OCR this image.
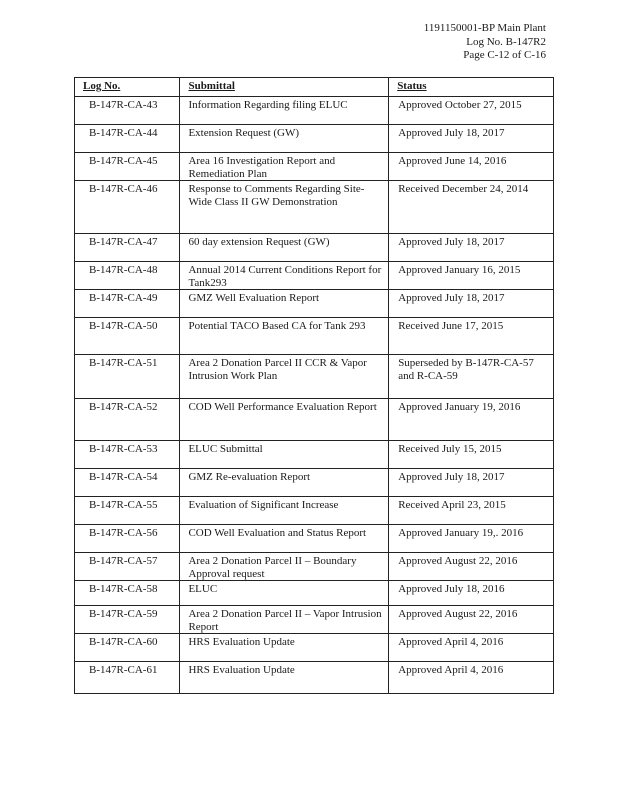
1191150001-BP Main Plant
Log No. B-147R2
Page C-12 of C-16
Log No.	Submittal	Status
B-147R-CA-43	Information Regarding filing ELUC	Approved October 27, 2015
B-147R-CA-44	Extension Request (GW)	Approved July 18, 2017
B-147R-CA-45	Area 16 Investigation Report and Remediation Plan	Approved June 14, 2016
B-147R-CA-46	Response to Comments Regarding Site-Wide Class II GW Demonstration	Received December 24, 2014
B-147R-CA-47	60 day extension Request (GW)	Approved July 18, 2017
B-147R-CA-48	Annual 2014 Current Conditions Report for Tank293	Approved January 16, 2015
B-147R-CA-49	GMZ Well Evaluation Report	Approved July 18, 2017
B-147R-CA-50	Potential TACO Based CA for Tank 293	Received June 17, 2015
B-147R-CA-51	Area 2 Donation Parcel II CCR & Vapor Intrusion Work Plan	Superseded by B-147R-CA-57 and R-CA-59
B-147R-CA-52	COD Well Performance Evaluation Report	Approved January 19, 2016
B-147R-CA-53	ELUC Submittal	Received July 15, 2015
B-147R-CA-54	GMZ Re-evaluation Report	Approved July 18, 2017
B-147R-CA-55	Evaluation of Significant Increase	Received April 23, 2015
B-147R-CA-56	COD Well Evaluation and Status Report	Approved January 19,. 2016
B-147R-CA-57	Area 2 Donation Parcel II – Boundary Approval request	Approved August 22, 2016
B-147R-CA-58	ELUC	Approved July 18, 2016
B-147R-CA-59	Area 2 Donation Parcel II – Vapor Intrusion Report	Approved August 22, 2016
B-147R-CA-60	HRS Evaluation Update	Approved April 4, 2016
B-147R-CA-61	HRS Evaluation Update	Approved April 4, 2016
